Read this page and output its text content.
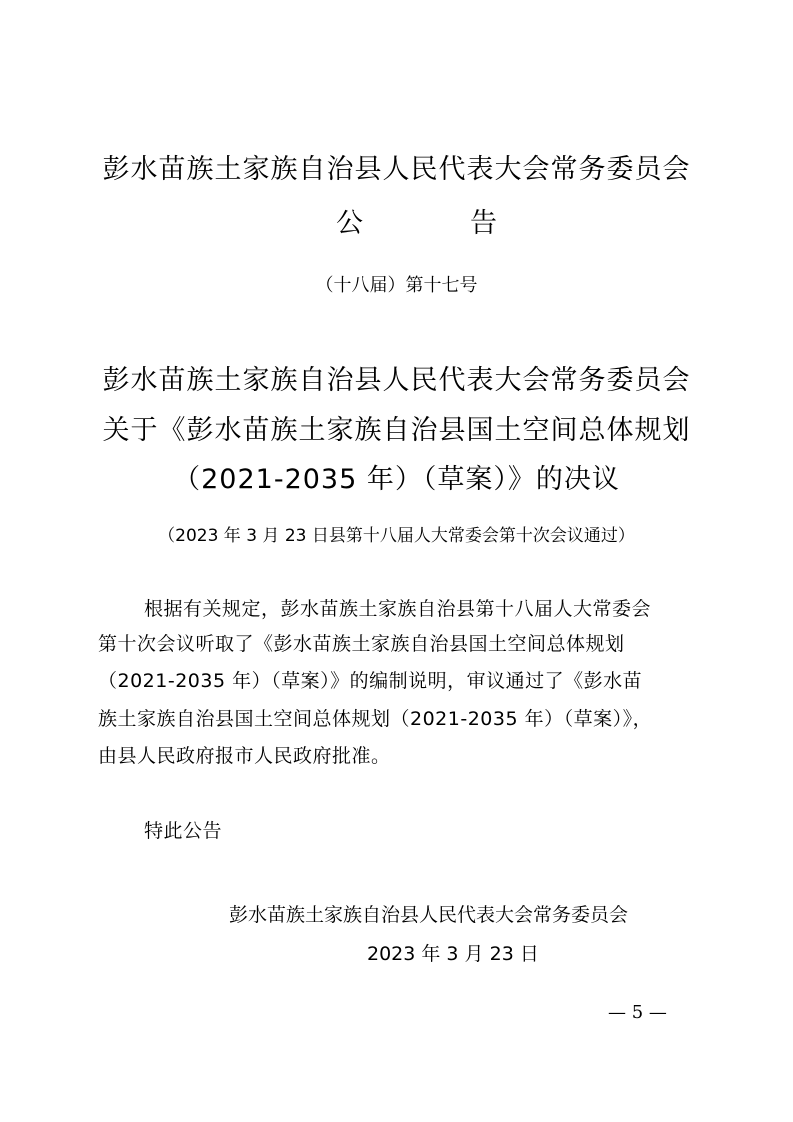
彭水苗族土家族自治县人民代表大会常务委员会

公　告

（十八届）第十七号

彭水苗族土家族自治县人民代表大会常务委员会

关于《彭水苗族土家族自治县国土空间总体规划

（2021-2035 年）（草案）》的决议

（2023 年 3 月 23 日县第十八届人大常委会第十次会议通过）

根据有关规定，彭水苗族土家族自治县第十八届人大常委会

第十次会议听取了《彭水苗族土家族自治县国土空间总体规划

（2021-2035 年）（草案）》的编制说明，审议通过了《彭水苗

族土家族自治县国土空间总体规划（2021-2035 年）（草案）》，

由县人民政府报市人民政府批准。

特此公告

彭水苗族土家族自治县人民代表大会常务委员会

2023 年 3 月 23 日

— 5 —
